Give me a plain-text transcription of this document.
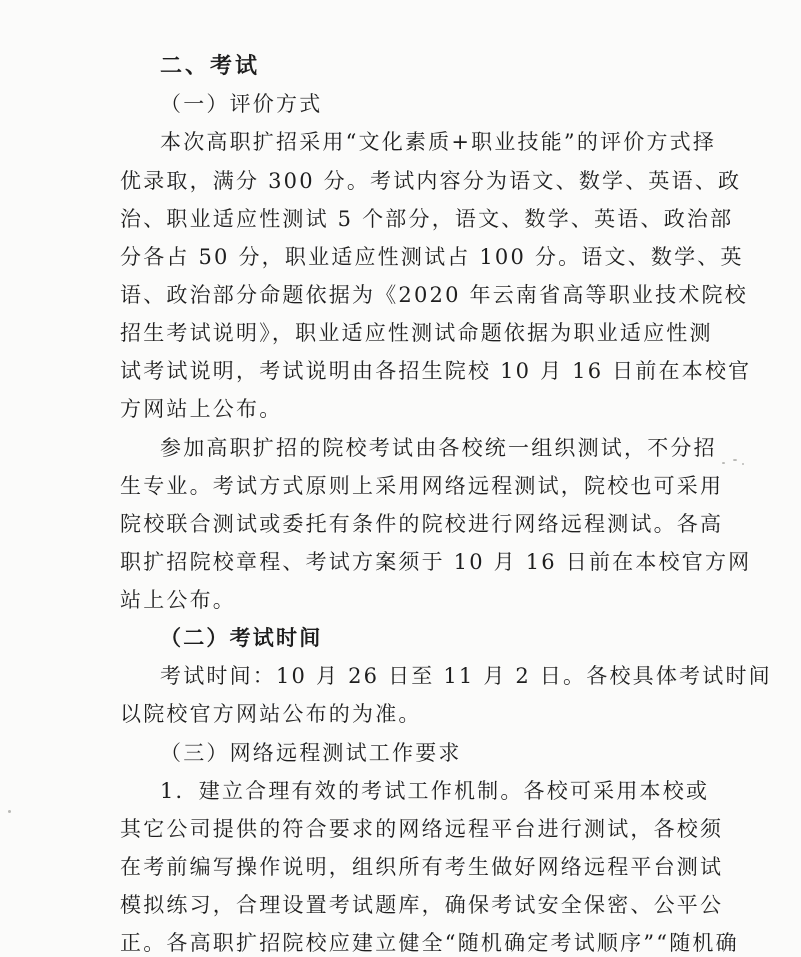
二、考试
（一）评价方式
本次高职扩招采用“文化素质+职业技能”的评价方式择
优录取，满分 300 分。考试内容分为语文、数学、英语、政
治、职业适应性测试 5 个部分，语文、数学、英语、政治部
分各占 50 分，职业适应性测试占 100 分。语文、数学、英
语、政治部分命题依据为《2020 年云南省高等职业技术院校
招生考试说明》，职业适应性测试命题依据为职业适应性测
试考试说明，考试说明由各招生院校 10 月 16 日前在本校官
方网站上公布。
参加高职扩招的院校考试由各校统一组织测试，不分招
生专业。考试方式原则上采用网络远程测试，院校也可采用
院校联合测试或委托有条件的院校进行网络远程测试。各高
职扩招院校章程、考试方案须于 10 月 16 日前在本校官方网
站上公布。
（二）考试时间
考试时间：10 月 26 日至 11 月 2 日。各校具体考试时间
以院校官方网站公布的为准。
（三）网络远程测试工作要求
1．建立合理有效的考试工作机制。各校可采用本校或
其它公司提供的符合要求的网络远程平台进行测试，各校须
在考前编写操作说明，组织所有考生做好网络远程平台测试
模拟练习，合理设置考试题库，确保考试安全保密、公平公
正。各高职扩招院校应建立健全“随机确定考试顺序”“随机确
